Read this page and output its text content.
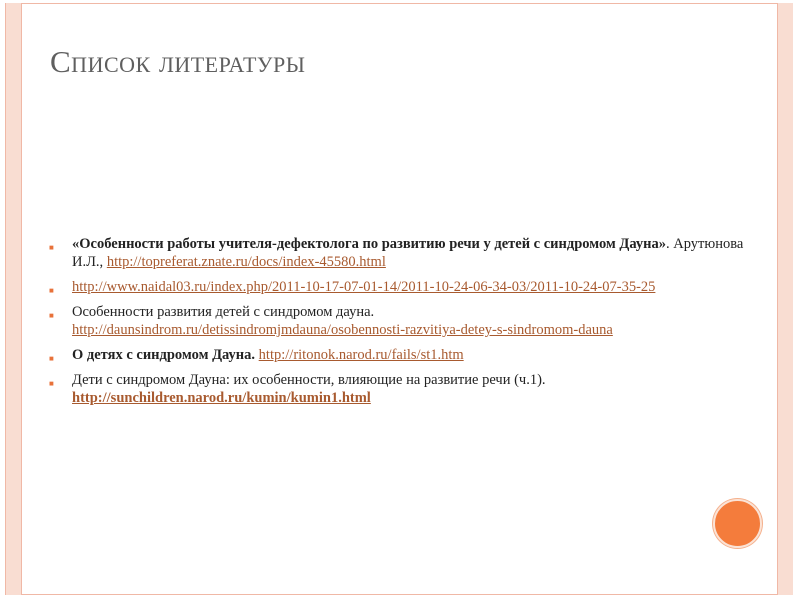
Список литературы
■ «Особенности работы учителя-дефектолога по развитию речи у детей с синдромом Дауна». Арутюнова И.Л., http://topreferat.znate.ru/docs/index-45580.html
■ http://www.naidal03.ru/index.php/2011-10-17-07-01-14/2011-10-24-06-34-03/2011-10-24-07-35-25
■ Особенности развития детей с синдромом дауна.
http://daunsindrom.ru/detissindromjmdauna/osobennosti-razvitiya-detey-s-sindromom-dauna
■ О детях с синдромом Дауна. http://ritonok.narod.ru/fails/st1.htm
■ Дети с синдромом Дауна: их особенности, влияющие на развитие речи (ч.1).
http://sunchildren.narod.ru/kumin/kumin1.html
